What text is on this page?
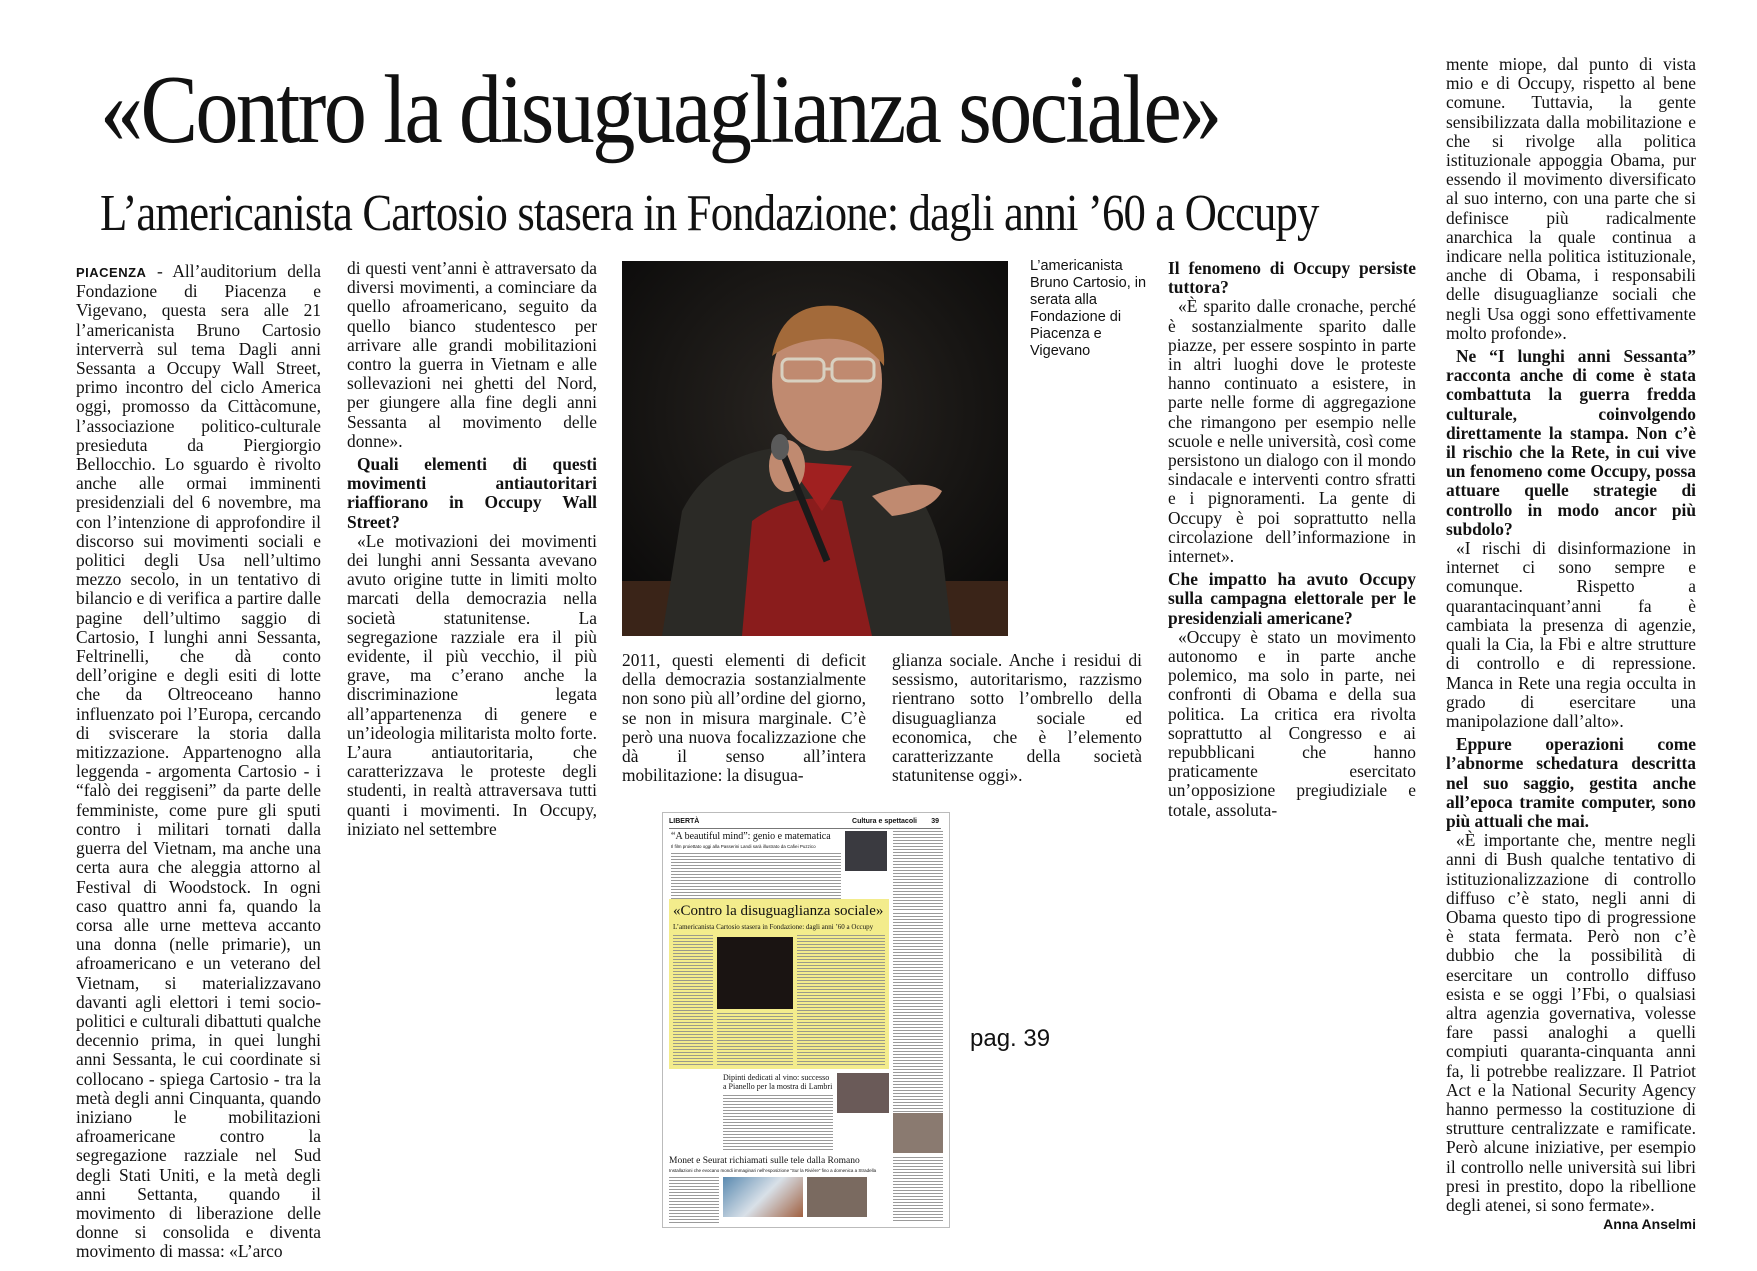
«Contro la disuguaglianza sociale»
L’americanista Cartosio stasera in Fondazione: dagli anni ’60 a Occupy

PIACENZA - All’auditorium della Fondazione di Piacenza e Vigevano, questa sera alle 21 l’americanista Bruno Cartosio interverrà sul tema Dagli anni Sessanta a Occupy Wall Street, primo incontro del ciclo America oggi, promosso da Cittàcomune, l’associazione politico-culturale presieduta da Piergiorgio Bellocchio. Lo sguardo è rivolto anche alle ormai imminenti presidenziali del 6 novembre, ma con l’intenzione di approfondire il discorso sui movimenti sociali e politici degli Usa nell’ultimo mezzo secolo, in un tentativo di bilancio e di verifica a partire dalle pagine dell’ultimo saggio di Cartosio, I lunghi anni Sessanta, Feltrinelli, che dà conto dell’origine e degli esiti di lotte che da Oltreoceano hanno influenzato poi l’Europa, cercando di sviscerare la storia dalla mitizzazione. Appartenogno alla leggenda - argomenta Cartosio - i “falò dei reggiseni” da parte delle femministe, come pure gli sputi contro i militari tornati dalla guerra del Vietnam, ma anche una certa aura che aleggia attorno al Festival di Woodstock. In ogni caso quattro anni fa, quando la corsa alle urne metteva accanto una donna (nelle primarie), un afroamericano e un veterano del Vietnam, si materializzavano davanti agli elettori i temi socio-politici e culturali dibattuti qualche decennio prima, in quei lunghi anni Sessanta, le cui coordinate si collocano - spiega Cartosio - tra la metà degli anni Cinquanta, quando iniziano le mobilitazioni afroamericane contro la segregazione razziale nel Sud degli Stati Uniti, e la metà degli anni Settanta, quando il movimento di liberazione delle donne si consolida e diventa movimento di massa: «L’arco

di questi vent’anni è attraversato da diversi movimenti, a cominciare da quello afroamericano, seguito da quello bianco studentesco per arrivare alle grandi mobilitazioni contro la guerra in Vietnam e alle sollevazioni nei ghetti del Nord, per giungere alla fine degli anni Sessanta al movimento delle donne».

Quali elementi di questi movimenti antiautoritari riaffiorano in Occupy Wall Street?

«Le motivazioni dei movimenti dei lunghi anni Sessanta avevano avuto origine tutte in limiti molto marcati della democrazia nella società statunitense. La segregazione razziale era il più evidente, il più vecchio, il più grave, ma c’erano anche la discriminazione legata all’appartenenza di genere e un’ideologia militarista molto forte. L’aura antiautoritaria, che caratterizzava le proteste degli studenti, in realtà attraversava tutti quanti i movimenti. In Occupy, iniziato nel settembre

L’americanista Bruno Cartosio, in serata alla Fondazione di Piacenza e Vigevano

2011, questi elementi di deficit della democrazia sostanzialmente non sono più all’ordine del giorno, se non in misura marginale. C’è però una nuova focalizzazione che dà il senso all’intera mobilitazione: la disugua-

glianza sociale. Anche i residui di sessismo, autoritarismo, razzismo rientrano sotto l’ombrello della disuguaglianza sociale ed economica, che è l’elemento caratterizzante della società statunitense oggi».

Il fenomeno di Occupy persiste tuttora?

«È sparito dalle cronache, perché è sostanzialmente sparito dalle piazze, per essere sospinto in parte in altri luoghi dove le proteste hanno continuato a esistere, in parte nelle forme di aggregazione che rimangono per esempio nelle scuole e nelle università, così come persistono un dialogo con il mondo sindacale e interventi contro sfratti e i pignoramenti. La gente di Occupy è poi soprattutto nella circolazione dell’informazione in internet».

Che impatto ha avuto Occupy sulla campagna elettorale per le presidenziali americane?

«Occupy è stato un movimento autonomo e in parte anche polemico, ma solo in parte, nei confronti di Obama e della sua politica. La critica era rivolta soprattutto al Congresso e ai repubblicani che hanno praticamente esercitato un’opposizione pregiudiziale e totale, assoluta-

mente miope, dal punto di vista mio e di Occupy, rispetto al bene comune. Tuttavia, la gente sensibilizzata dalla mobilitazione e che si rivolge alla politica istituzionale appoggia Obama, pur essendo il movimento diversificato al suo interno, con una parte che si definisce più radicalmente anarchica la quale continua a indicare nella politica istituzionale, anche di Obama, i responsabili delle disuguaglianze sociali che negli Usa oggi sono effettivamente molto profonde».

Ne “I lunghi anni Sessanta” racconta anche di come è stata combattuta la guerra fredda culturale, coinvolgendo direttamente la stampa. Non c’è il rischio che la Rete, in cui vive un fenomeno come Occupy, possa attuare quelle strategie di controllo in modo ancor più subdolo?

«I rischi di disinformazione in internet ci sono sempre e comunque. Rispetto a quarantacinquant’anni fa è cambiata la presenza di agenzie, quali la Cia, la Fbi e altre strutture di controllo e di repressione. Manca in Rete una regia occulta in grado di esercitare una manipolazione dall’alto».

Eppure operazioni come l’abnorme schedatura descritta nel suo saggio, gestita anche all’epoca tramite computer, sono più attuali che mai.

«È importante che, mentre negli anni di Bush qualche tentativo di istituzionalizzazione di controllo diffuso c’è stato, negli anni di Obama questo tipo di progressione è stata fermata. Però non c’è dubbio che la possibilità di esercitare un controllo diffuso esista e se oggi l’Fbi, o qualsiasi altra agenzia governativa, volesse fare passi analoghi a quelli compiuti quaranta-cinquanta anni fa, li potrebbe realizzare. Il Patriot Act e la National Security Agency hanno permesso la costituzione di strutture centralizzate e ramificate. Però alcune iniziative, per esempio il controllo nelle università sui libri presi in prestito, dopo la ribellione degli atenei, si sono fermate».

Anna Anselmi

LIBERTÀ	Cultura e spettacoli 39
“A beautiful mind”: genio e matematica
Il film proiettato oggi alla Passerini Landi sarà illustrato da Cafiei Puzzico
«Contro la disuguaglianza sociale»
L’americanista Cartosio stasera in Fondazione: dagli anni ’60 a Occupy
Dipinti dedicati al vino: successo a Pianello per la mostra di Lambri
Monet e Seurat richiamati sulle tele dalla Romano
Installazioni che evocano mondi immaginari nell’esposizione “Sur la Rivière” fino a domenica a Stradella
pag. 39
